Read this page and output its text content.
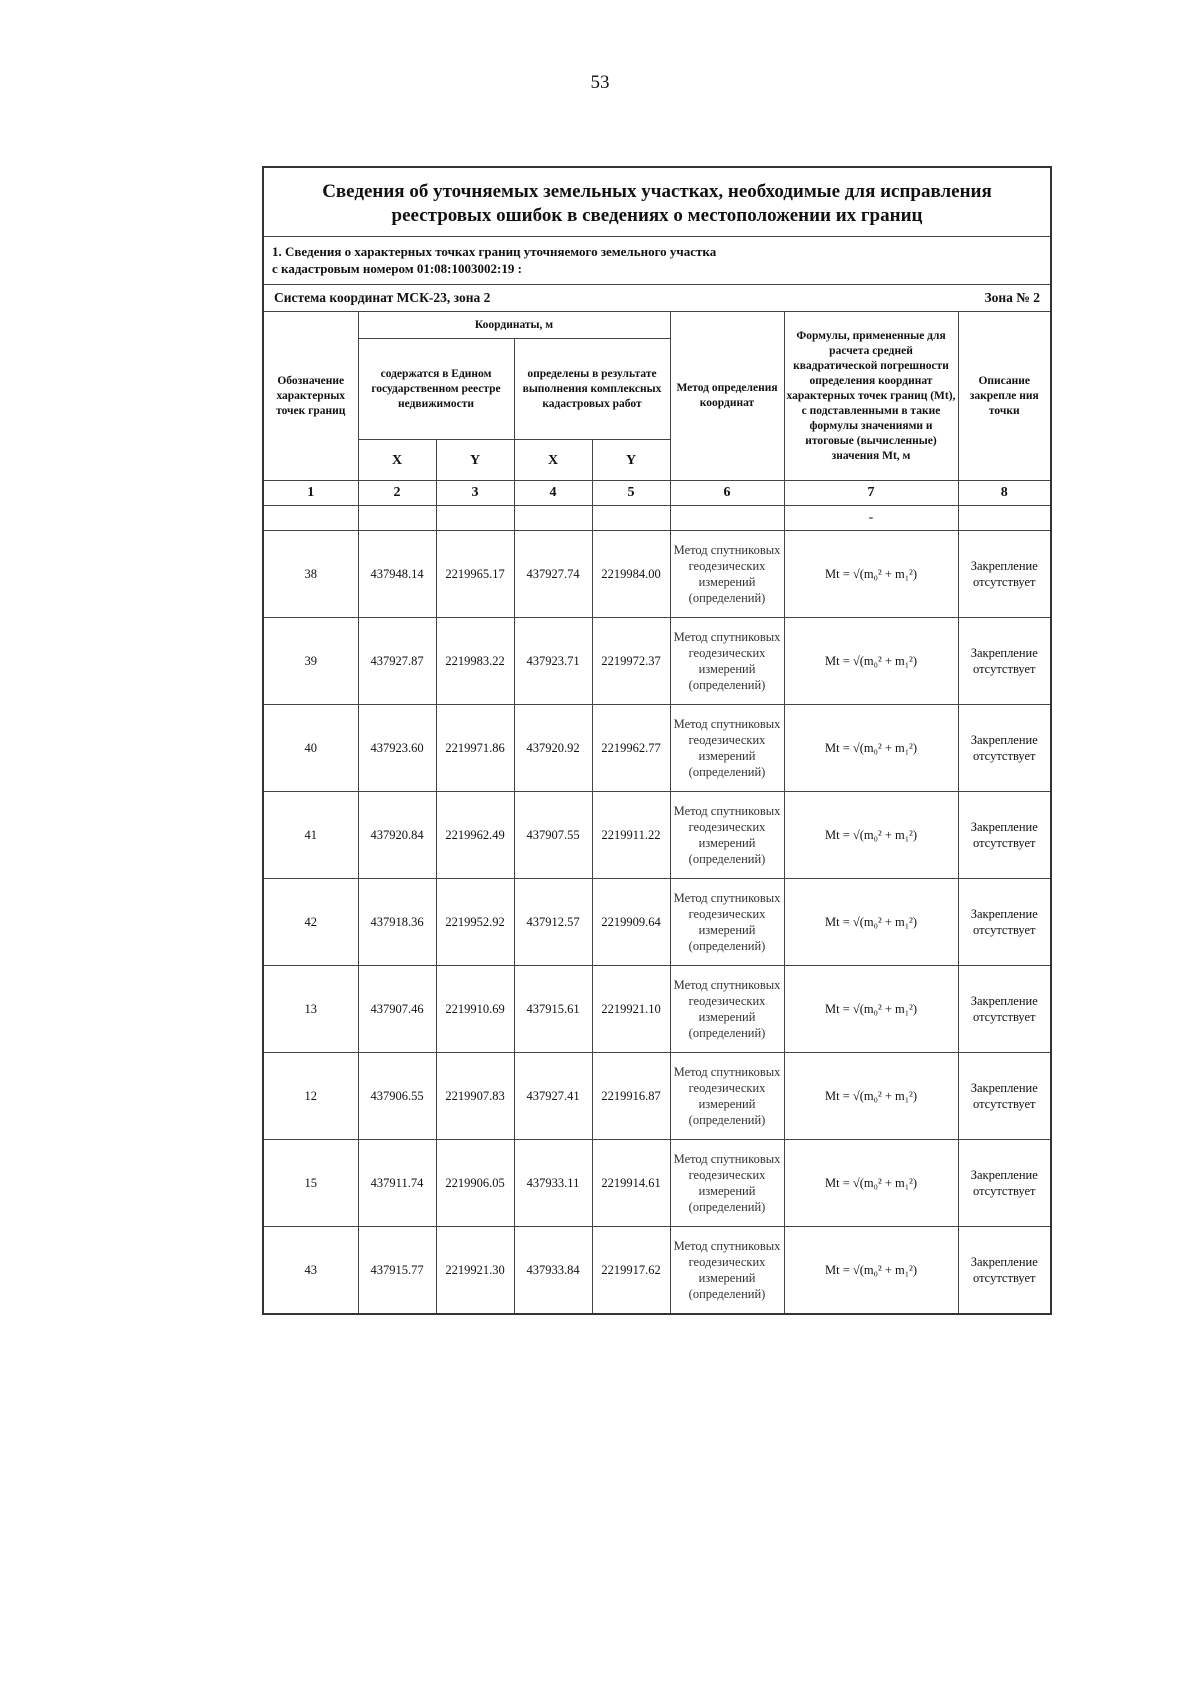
53
Сведения об уточняемых земельных участках, необходимые для исправления реестровых ошибок в сведениях о местоположении их границ
1. Сведения о характерных точках границ уточняемого земельного участка
с кадастровым номером 01:08:1003002:19 :
Система координат МСК-23, зона 2	Зона № 2
Обозначение характерных точек границ	Координаты, м				Метод определения координат	Формулы, примененные для расчета средней квадратической погрешности определения координат характерных точек границ (Mt), с подставленными в такие формулы значениями и итоговые (вычисленные) значения Mt, м	Описание закрепле ния точки
	содержатся в Едином государственном реестре недвижимости		определены в результате выполнения комплексных кадастровых работ				
	X	Y	X	Y			
1	2	3	4	5	6	7	8
						-	
38	437948.14	2219965.17	437927.74	2219984.00	Метод спутниковых геодезических измерений (определений)	Mt = √(m₀² + m₁²)	Закрепление отсутствует
39	437927.87	2219983.22	437923.71	2219972.37	Метод спутниковых геодезических измерений (определений)	Mt = √(m₀² + m₁²)	Закрепление отсутствует
40	437923.60	2219971.86	437920.92	2219962.77	Метод спутниковых геодезических измерений (определений)	Mt = √(m₀² + m₁²)	Закрепление отсутствует
41	437920.84	2219962.49	437907.55	2219911.22	Метод спутниковых геодезических измерений (определений)	Mt = √(m₀² + m₁²)	Закрепление отсутствует
42	437918.36	2219952.92	437912.57	2219909.64	Метод спутниковых геодезических измерений (определений)	Mt = √(m₀² + m₁²)	Закрепление отсутствует
13	437907.46	2219910.69	437915.61	2219921.10	Метод спутниковых геодезических измерений (определений)	Mt = √(m₀² + m₁²)	Закрепление отсутствует
12	437906.55	2219907.83	437927.41	2219916.87	Метод спутниковых геодезических измерений (определений)	Mt = √(m₀² + m₁²)	Закрепление отсутствует
15	437911.74	2219906.05	437933.11	2219914.61	Метод спутниковых геодезических измерений (определений)	Mt = √(m₀² + m₁²)	Закрепление отсутствует
43	437915.77	2219921.30	437933.84	2219917.62	Метод спутниковых геодезических измерений (определений)	Mt = √(m₀² + m₁²)	Закрепление отсутствует
